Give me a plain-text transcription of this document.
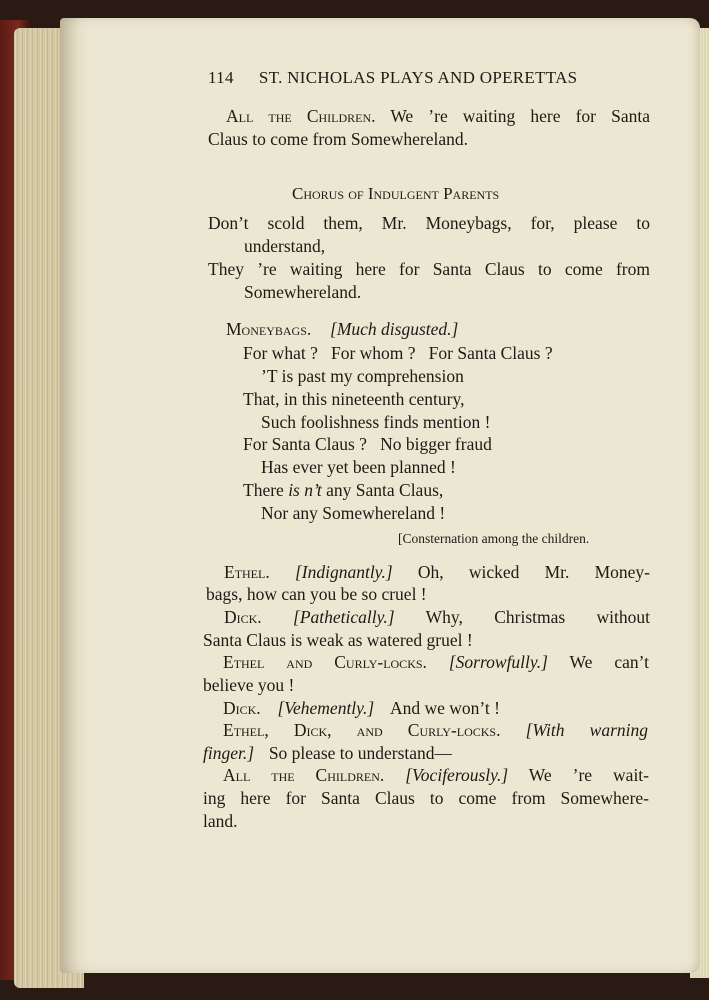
114 ST. NICHOLAS PLAYS AND OPERETTAS
All the Children. We ’re waiting here for Santa
Claus to come from Somewhereland.
Chorus of Indulgent Parents
Don’t scold them, Mr. Moneybags, for, please to
understand,
They ’re waiting here for Santa Claus to come from
Somewhereland.
Moneybags. [Much disgusted.]
For what ?   For whom ?   For Santa Claus ?
’T is past my comprehension
That, in this nineteenth century,
Such foolishness finds mention !
For Santa Claus ?   No bigger fraud
Has ever yet been planned !
There is n’t any Santa Claus,
Nor any Somewhereland !
[Consternation among the children.
Ethel. [Indignantly.] Oh, wicked Mr. Money-
bags, how can you be so cruel !
Dick. [Pathetically.] Why, Christmas without
Santa Claus is weak as watered gruel !
Ethel and Curly-locks. [Sorrowfully.] We can’t
believe you !
Dick. [Vehemently.] And we won’t !
Ethel, Dick, and Curly-locks. [With warning
finger.] So please to understand—
All the Children. [Vociferously.] We ’re wait-
ing here for Santa Claus to come from Somewhere-
land.
